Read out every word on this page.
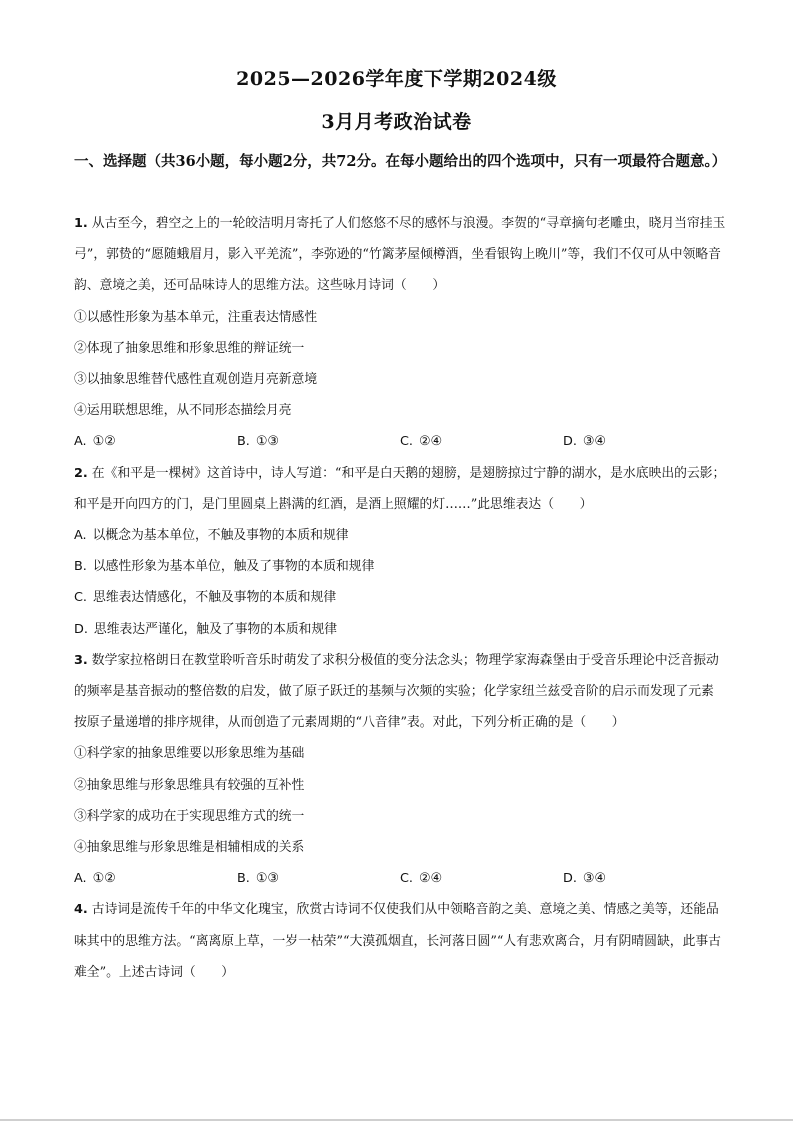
2025—2026学年度下学期2024级
3月月考政治试卷
一、选择题（共36小题，每小题2分，共72分。在每小题给出的四个选项中，只有一项最符合题意。）

1. 从古至今，碧空之上的一轮皎洁明月寄托了人们悠悠不尽的感怀与浪漫。李贺的“寻章摘句老雕虫，晓月当帘挂玉弓”，郭贽的“愿随蛾眉月，影入平羌流”，李弥逊的“竹篱茅屋倾樽酒，坐看银钩上晚川”等，我们不仅可从中领略音韵、意境之美，还可品味诗人的思维方法。这些咏月诗词（　　）

①以感性形象为基本单元，注重表达情感性

②体现了抽象思维和形象思维的辩证统一

③以抽象思维替代感性直观创造月亮新意境

④运用联想思维，从不同形态描绘月亮

A. ①②	B. ①③	C. ②④	D. ③④

2. 在《和平是一棵树》这首诗中，诗人写道：“和平是白天鹅的翅膀，是翅膀掠过宁静的湖水，是水底映出的云影；和平是开向四方的门，是门里圆桌上斟满的红酒，是酒上照耀的灯……”此思维表达（　　）

A. 以概念为基本单位，不触及事物的本质和规律

B. 以感性形象为基本单位，触及了事物的本质和规律

C. 思维表达情感化，不触及事物的本质和规律

D. 思维表达严谨化，触及了事物的本质和规律

3. 数学家拉格朗日在教堂聆听音乐时萌发了求积分极值的变分法念头；物理学家海森堡由于受音乐理论中泛音振动的频率是基音振动的整倍数的启发，做了原子跃迁的基频与次频的实验；化学家纽兰兹受音阶的启示而发现了元素按原子量递增的排序规律，从而创造了元素周期的“八音律”表。对此，下列分析正确的是（　　）

①科学家的抽象思维要以形象思维为基础

②抽象思维与形象思维具有较强的互补性

③科学家的成功在于实现思维方式的统一

④抽象思维与形象思维是相辅相成的关系

A. ①②	B. ①③	C. ②④	D. ③④

4. 古诗词是流传千年的中华文化瑰宝，欣赏古诗词不仅使我们从中领略音韵之美、意境之美、情感之美等，还能品味其中的思维方法。“离离原上草，一岁一枯荣”“大漠孤烟直，长河落日圆”“人有悲欢离合，月有阴晴圆缺，此事古难全”。上述古诗词（　　）
